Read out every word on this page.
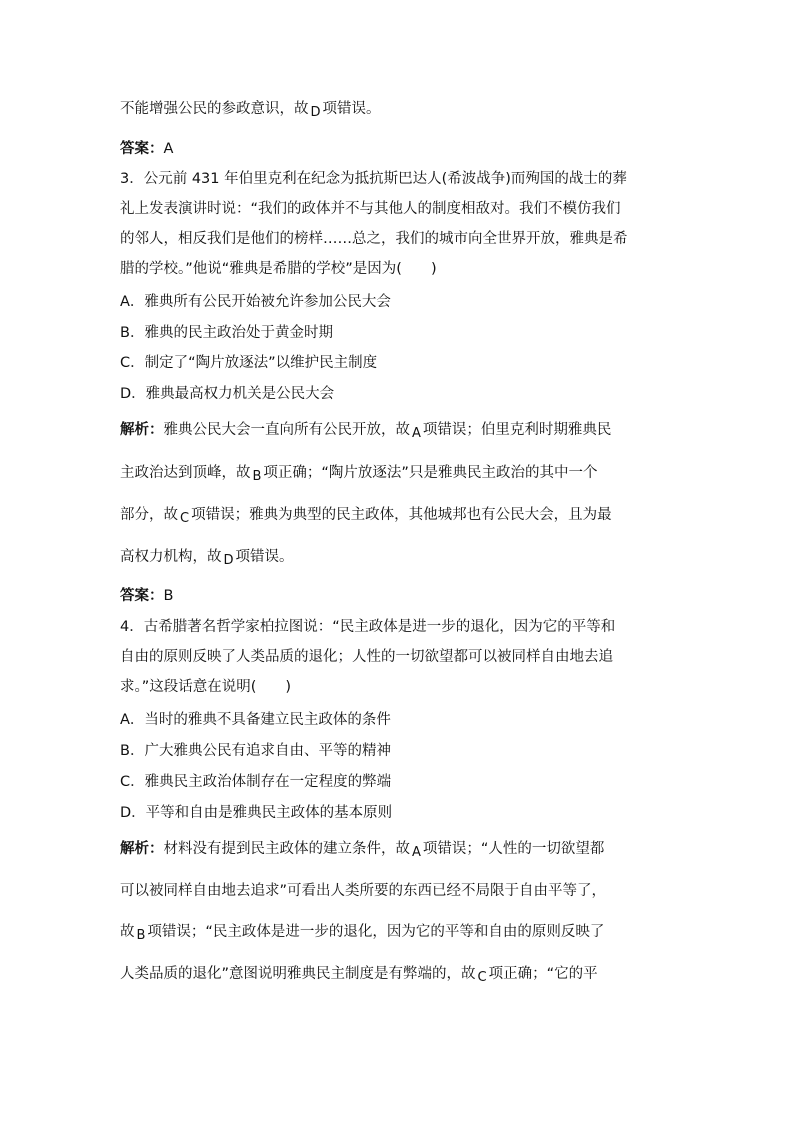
不能增强公民的参政意识，故 D 项错误。
答案：A
3．公元前 431 年伯里克利在纪念为抵抗斯巴达人(希波战争)而殉国的战士的葬
礼上发表演讲时说：“我们的政体并不与其他人的制度相敌对。我们不模仿我们
的邻人，相反我们是他们的榜样……总之，我们的城市向全世界开放，雅典是希
腊的学校。”他说“雅典是希腊的学校”是因为(　　)
A．雅典所有公民开始被允许参加公民大会
B．雅典的民主政治处于黄金时期
C．制定了“陶片放逐法”以维护民主制度
D．雅典最高权力机关是公民大会
解析：雅典公民大会一直向所有公民开放，故 A 项错误；伯里克利时期雅典民
主政治达到顶峰，故 B 项正确；“陶片放逐法”只是雅典民主政治的其中一个
部分，故 C 项错误；雅典为典型的民主政体，其他城邦也有公民大会，且为最
高权力机构，故 D 项错误。
答案：B
4．古希腊著名哲学家柏拉图说：“民主政体是进一步的退化，因为它的平等和
自由的原则反映了人类品质的退化；人性的一切欲望都可以被同样自由地去追
求。”这段话意在说明(　　)
A．当时的雅典不具备建立民主政体的条件
B．广大雅典公民有追求自由、平等的精神
C．雅典民主政治体制存在一定程度的弊端
D．平等和自由是雅典民主政体的基本原则
解析：材料没有提到民主政体的建立条件，故 A 项错误；“人性的一切欲望都
可以被同样自由地去追求”可看出人类所要的东西已经不局限于自由平等了，
故 B 项错误；“民主政体是进一步的退化，因为它的平等和自由的原则反映了
人类品质的退化”意图说明雅典民主制度是有弊端的，故 C 项正确；“它的平
